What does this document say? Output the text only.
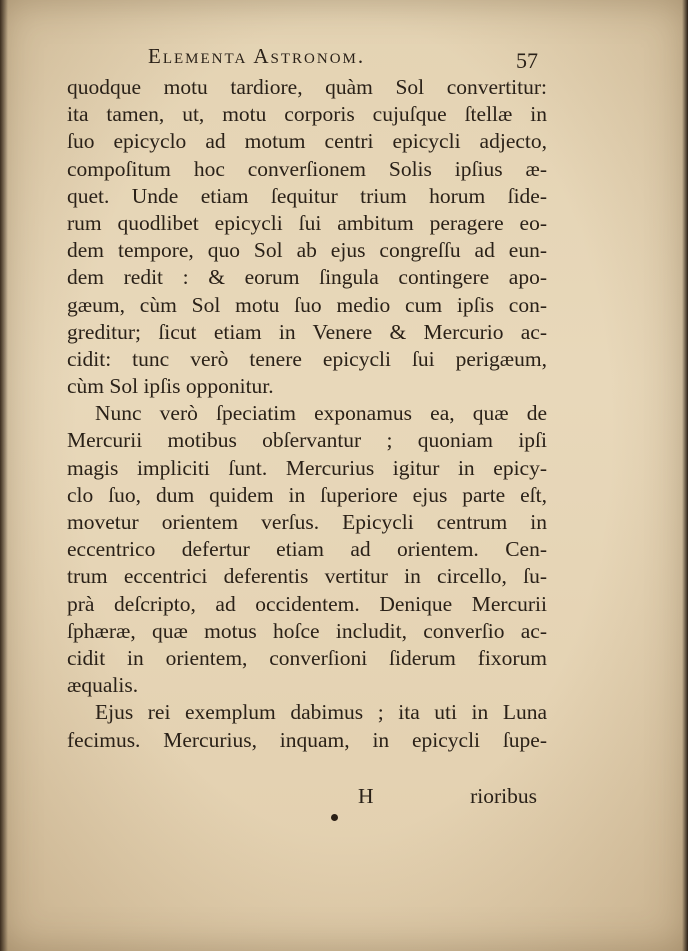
Elementa Astronom.	57
quodque motu tardiore, quàm Sol convertitur:
ita tamen, ut, motu corporis cujuſque ſtellæ in
ſuo epicyclo ad motum centri epicycli adjecto,
compoſitum hoc converſionem Solis ipſius æ-
quet. Unde etiam ſequitur trium horum ſide-
rum quodlibet epicycli ſui ambitum peragere eo-
dem tempore, quo Sol ab ejus congreſſu ad eun-
dem redit : & eorum ſingula contingere apo-
gæum, cùm Sol motu ſuo medio cum ipſis con-
greditur; ſicut etiam in Venere & Mercurio ac-
cidit: tunc verò tenere epicycli ſui perigæum,
cùm Sol ipſis opponitur.
Nunc verò ſpeciatim exponamus ea, quæ de
Mercurii motibus obſervantur ; quoniam ipſi
magis impliciti ſunt. Mercurius igitur in epicy-
clo ſuo, dum quidem in ſuperiore ejus parte eſt,
movetur orientem verſus. Epicycli centrum in
eccentrico defertur etiam ad orientem. Cen-
trum eccentrici deferentis vertitur in circello, ſu-
prà deſcripto, ad occidentem. Denique Mercurii
ſphæræ, quæ motus hoſce includit, converſio ac-
cidit in orientem, converſioni ſiderum fixorum
æqualis.
Ejus rei exemplum dabimus ; ita uti in Luna
fecimus. Mercurius, inquam, in epicycli ſupe-
H	rioribus
